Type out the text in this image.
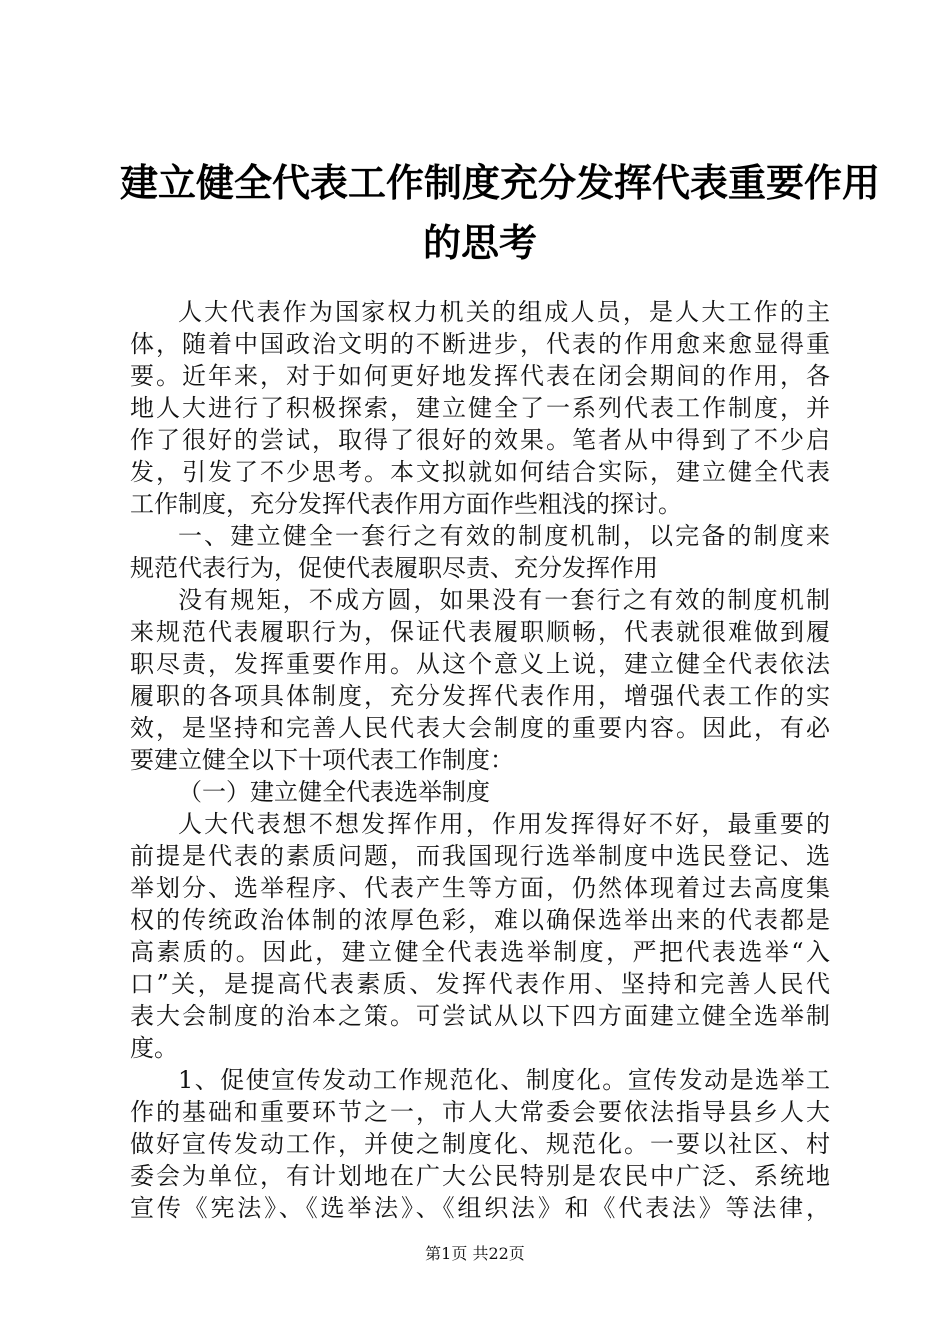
建立健全代表工作制度充分发挥代表重要作用
的思考
人大代表作为国家权力机关的组成人员，是人大工作的主
体，随着中国政治文明的不断进步，代表的作用愈来愈显得重
要。近年来，对于如何更好地发挥代表在闭会期间的作用，各
地人大进行了积极探索，建立健全了一系列代表工作制度，并
作了很好的尝试，取得了很好的效果。笔者从中得到了不少启
发，引发了不少思考。本文拟就如何结合实际，建立健全代表
工作制度，充分发挥代表作用方面作些粗浅的探讨。
一、建立健全一套行之有效的制度机制，以完备的制度来
规范代表行为，促使代表履职尽责、充分发挥作用
没有规矩，不成方圆，如果没有一套行之有效的制度机制
来规范代表履职行为，保证代表履职顺畅，代表就很难做到履
职尽责，发挥重要作用。从这个意义上说，建立健全代表依法
履职的各项具体制度，充分发挥代表作用，增强代表工作的实
效，是坚持和完善人民代表大会制度的重要内容。因此，有必
要建立健全以下十项代表工作制度：
（一）建立健全代表选举制度
人大代表想不想发挥作用，作用发挥得好不好，最重要的
前提是代表的素质问题，而我国现行选举制度中选民登记、选
举划分、选举程序、代表产生等方面，仍然体现着过去高度集
权的传统政治体制的浓厚色彩，难以确保选举出来的代表都是
高素质的。因此，建立健全代表选举制度，严把代表选举“入
口”关，是提高代表素质、发挥代表作用、坚持和完善人民代
表大会制度的治本之策。可尝试从以下四方面建立健全选举制
度。
1、促使宣传发动工作规范化、制度化。宣传发动是选举工
作的基础和重要环节之一，市人大常委会要依法指导县乡人大
做好宣传发动工作，并使之制度化、规范化。一要以社区、村
委会为单位，有计划地在广大公民特别是农民中广泛、系统地
宣传《宪法》、《选举法》、《组织法》和《代表法》等法律，
第1页 共22页
